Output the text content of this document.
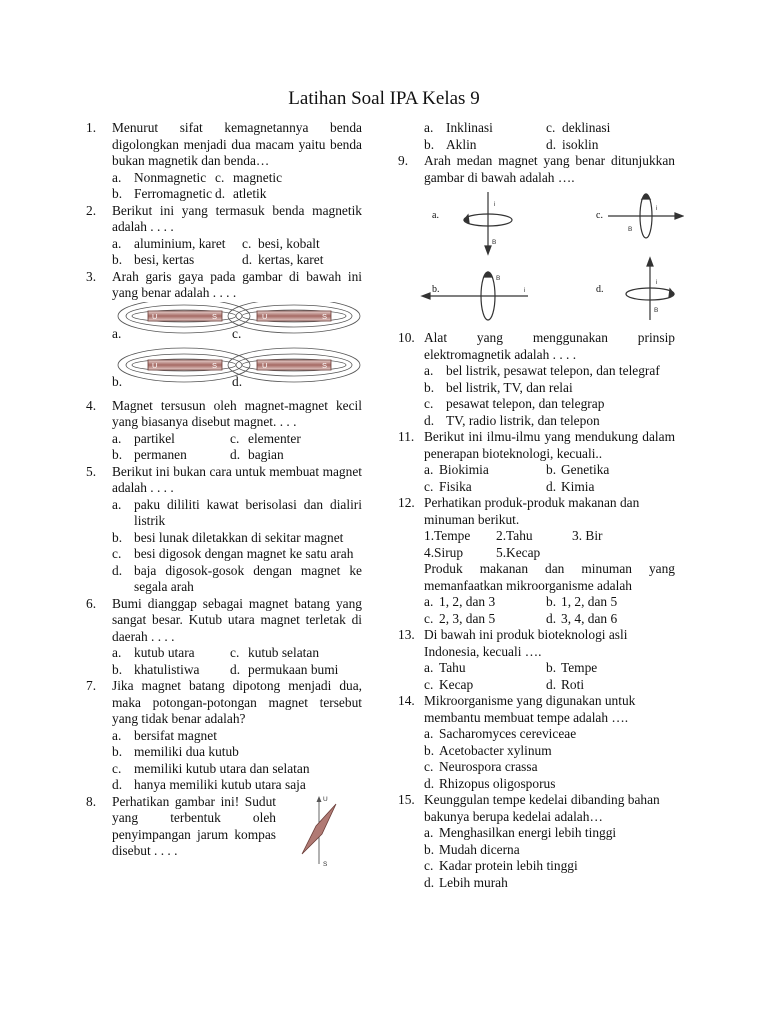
Latihan Soal IPA Kelas 9
1. Menurut sifat kemagnetannya benda digolongkan menjadi dua macam yaitu benda bukan magnetik dan benda…
a. Nonmagnetic c. magnetic
b. Ferromagnetic d. atletik
2. Berikut ini yang termasuk benda magnetik adalah . . . .
a. aluminium, karet	c. besi, kobalt
b. besi, kertas	d. kertas, karet
3. Arah garis gaya pada gambar di bawah ini yang benar adalah . . . .
U	S	U	S
U	S	U	S
a.	c.
b.	d.
4. Magnet tersusun oleh magnet-magnet kecil yang biasanya disebut magnet. . . .
a. partikel	c. elementer
b. permanen	d. bagian
5. Berikut ini bukan cara untuk membuat magnet adalah . . . .
a. paku dililiti kawat berisolasi dan dialiri listrik
b. besi lunak diletakkan di sekitar magnet
c. besi digosok dengan magnet ke satu arah
d. baja digosok-gosok dengan magnet ke segala arah
6. Bumi dianggap sebagai magnet batang yang sangat besar. Kutub utara magnet terletak di daerah . . . .
a. kutub utara	c. kutub selatan
b. khatulistiwa	d. permukaan bumi
7. Jika magnet batang dipotong menjadi dua, maka potongan-potongan magnet tersebut yang tidak benar adalah?
a. bersifat magnet
b. memiliki dua kutub
c. memiliki kutub utara dan selatan
d. hanya memiliki kutub utara saja
8. Perhatikan gambar ini! Sudut yang terbentuk oleh penyimpangan jarum kompas disebut . . . .
U
S
a. Inklinasi	c. deklinasi
b. Aklin	d. isoklin
9. Arah medan magnet yang benar ditunjukkan gambar di bawah adalah ….
i
B
i
B
i
B
i
B
a.	c.
b.	d.
10. Alat yang menggunakan prinsip elektromagnetik adalah . . . .
a. bel listrik, pesawat telepon, dan telegraf
b. bel listrik, TV, dan relai
c. pesawat telepon, dan telegrap
d. TV, radio listrik, dan telepon
11. Berikut ini ilmu-ilmu yang mendukung dalam penerapan bioteknologi, kecuali..
a. Biokimia	b. Genetika
c. Fisika	d. Kimia
12. Perhatikan produk-produk makanan dan minuman berikut.
1.Tempe	2.Tahu	3. Bir
4.Sirup	5.Kecap
Produk makanan dan minuman yang memanfaatkan mikroorganisme adalah
a. 1, 2, dan 3	b. 1, 2, dan 5
c. 2, 3, dan 5	d. 3, 4, dan 6
13. Di bawah ini produk bioteknologi asli Indonesia, kecuali ….
a. Tahu	b. Tempe
c. Kecap	d. Roti
14. Mikroorganisme yang digunakan untuk membantu membuat tempe adalah ….
a. Sacharomyces cereviceae
b. Acetobacter xylinum
c. Neurospora crassa
d. Rhizopus oligosporus
15. Keunggulan tempe kedelai dibanding bahan bakunya berupa kedelai adalah…
a. Menghasilkan energi lebih tinggi
b. Mudah dicerna
c. Kadar protein lebih tinggi
d. Lebih murah
